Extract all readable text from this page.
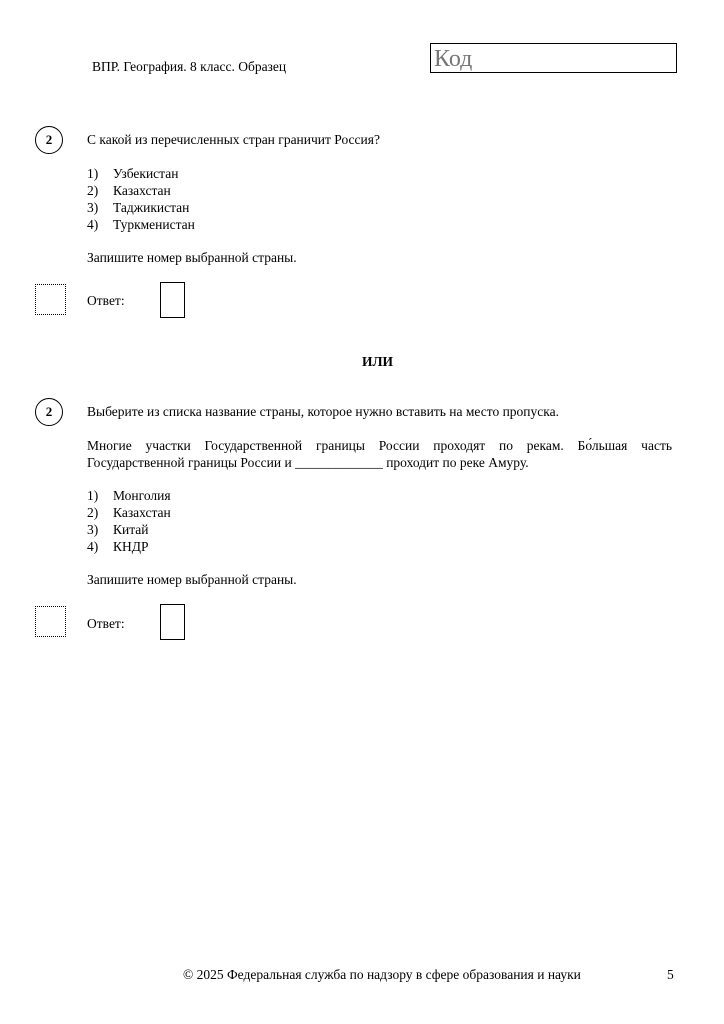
ВПР. География. 8 класс. Образец	Код
2	С какой из перечисленных стран граничит Россия?
1) Узбекистан
2) Казахстан
3) Таджикистан
4) Туркменистан
Запишите номер выбранной страны.
Ответ:
ИЛИ
2	Выберите из списка название страны, которое нужно вставить на место пропуска.
Многие участки Государственной границы России проходят по рекам. Бо́льшая часть
Государственной границы России и _____________ проходит по реке Амуру.
1) Монголия
2) Казахстан
3) Китай
4) КНДР
Запишите номер выбранной страны.
Ответ:
© 2025 Федеральная служба по надзору в сфере образования и науки	5
